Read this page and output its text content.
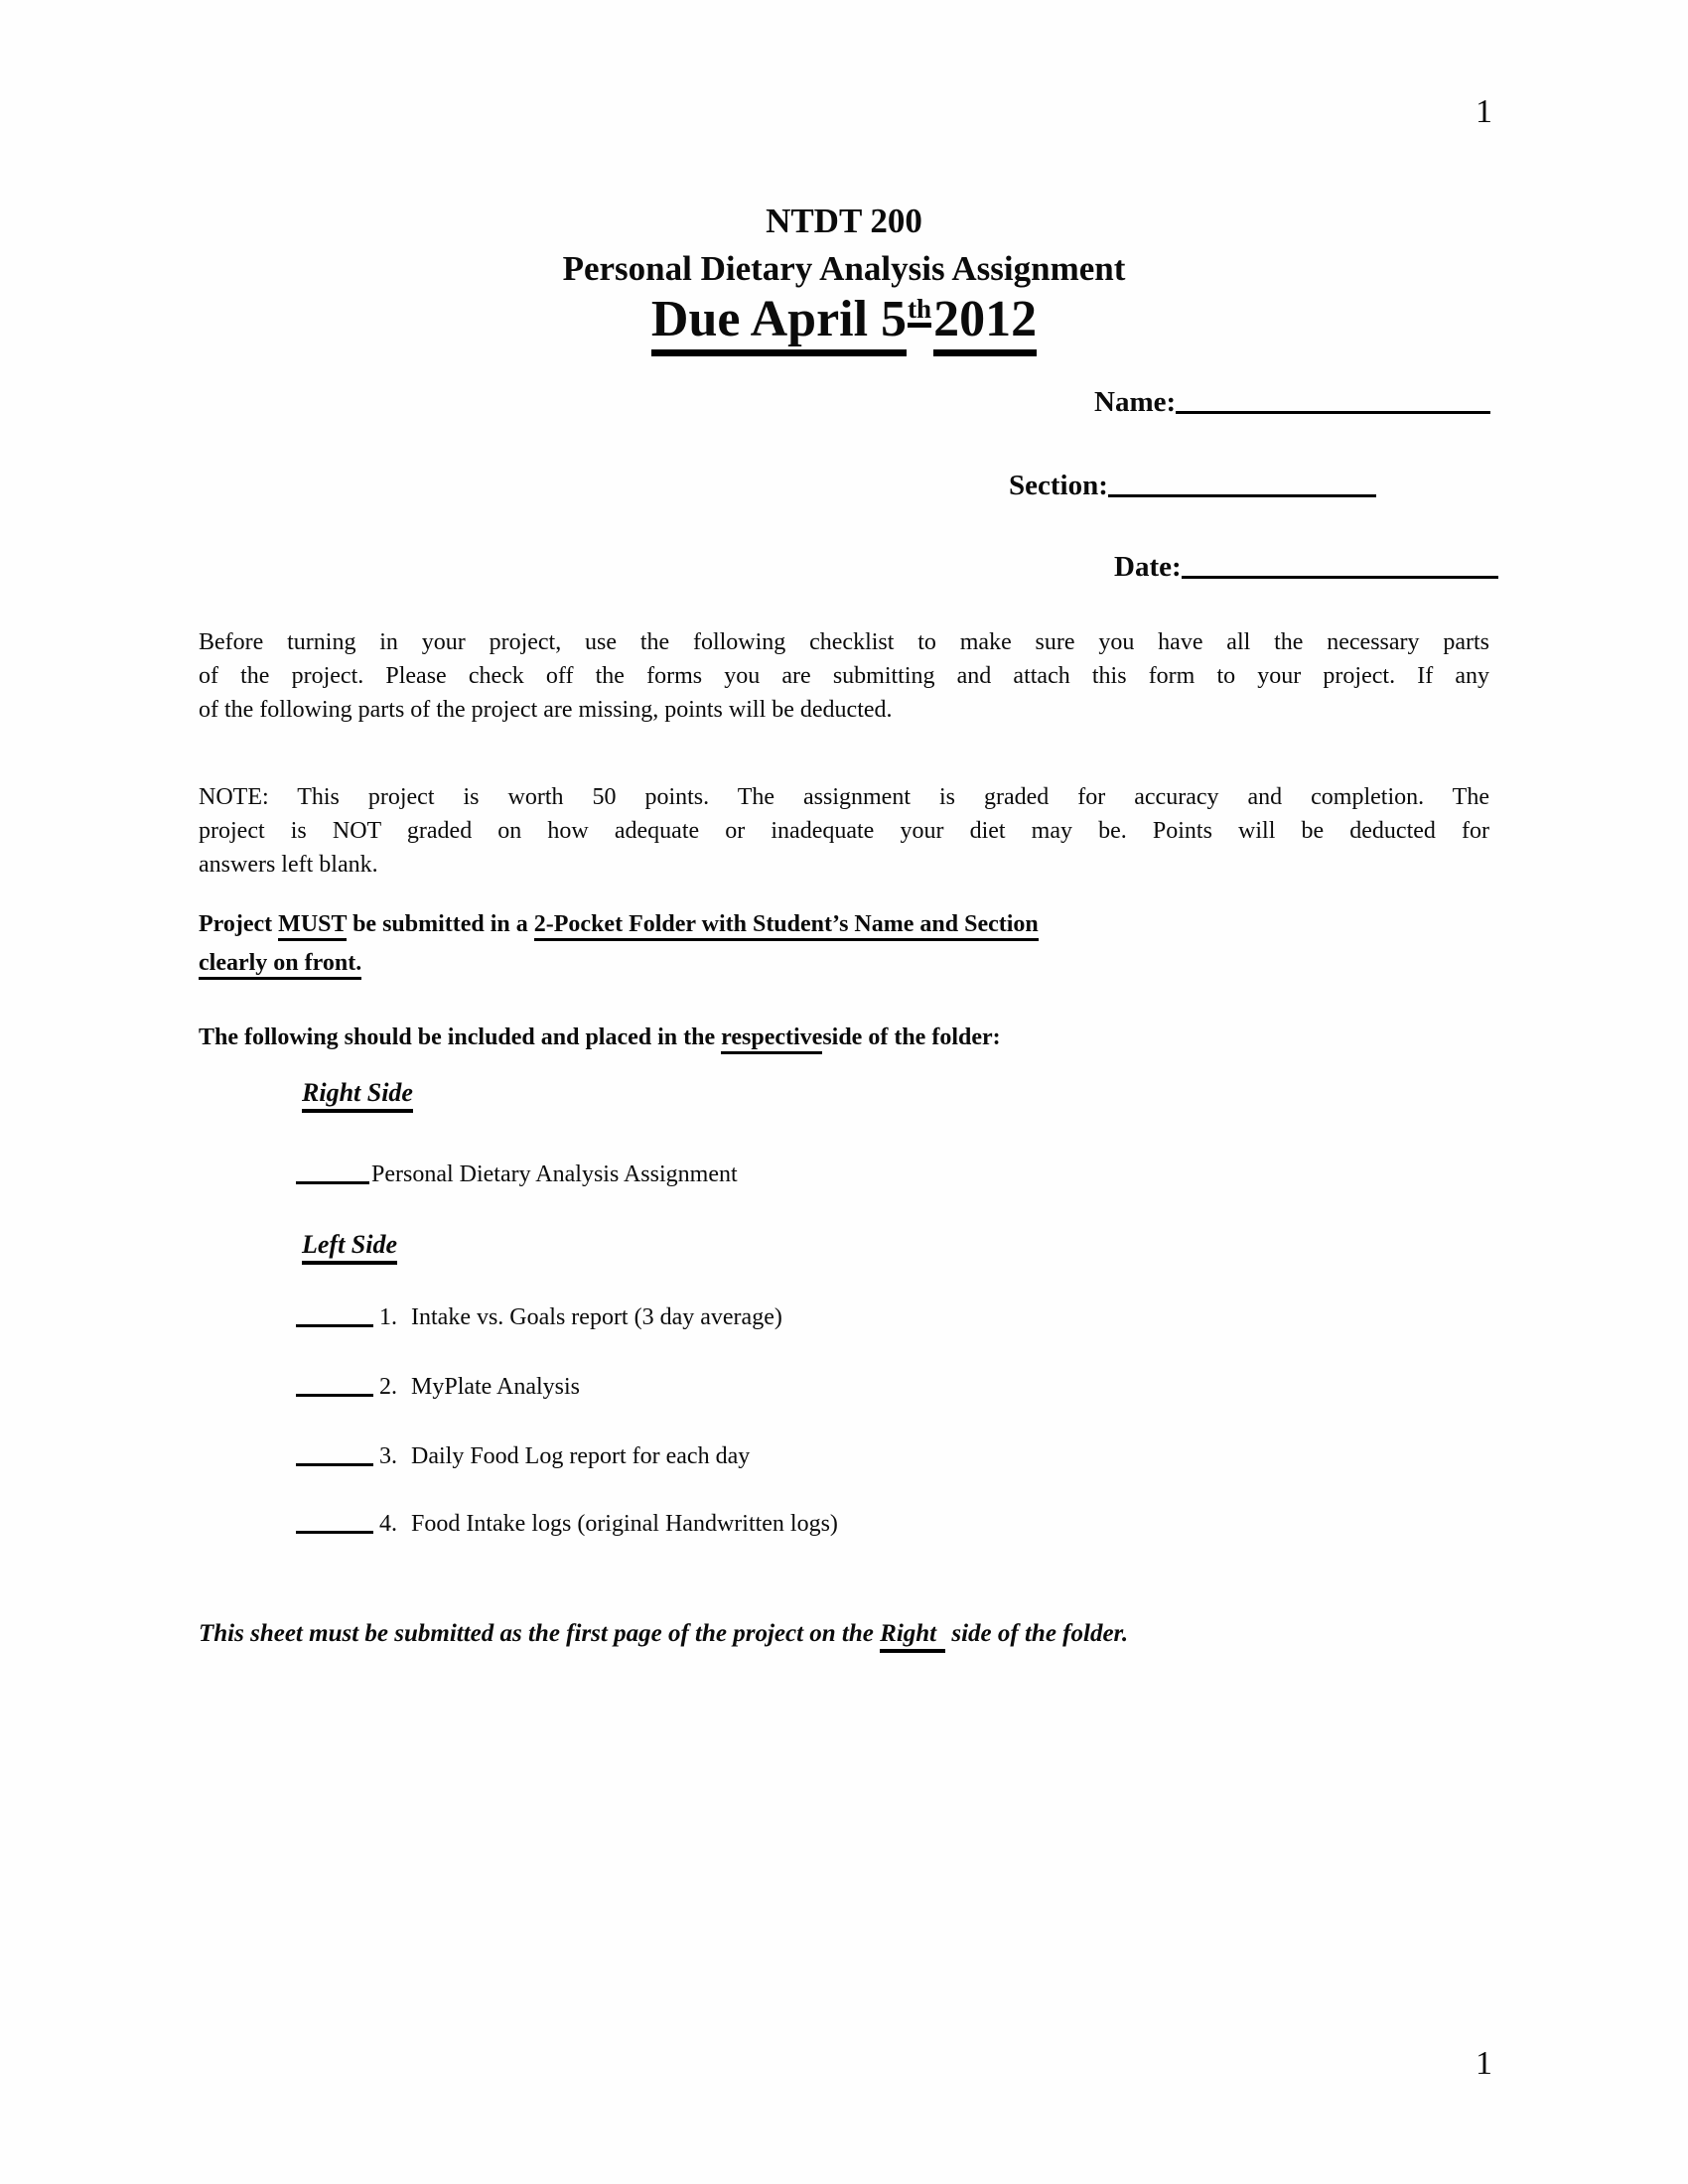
1
NTDT 200
Personal Dietary Analysis Assignment
Due April 5th2012
Name:
Section:
Date:
Before turning in your project, use the following checklist to make sure you have all the necessary parts
of the project. Please check off the forms you are submitting and attach this form to your project. If any
of the following parts of the project are missing, points will be deducted.
NOTE: This project is worth 50 points. The assignment is graded for accuracy and completion. The
project is NOT graded on how adequate or inadequate your diet may be. Points will be deducted for
answers left blank.
Project MUST be submitted in a 2-Pocket Folder with Student’s Name and Section
clearly on front.
The following should be included and placed in the respectiveside of the folder:
Right Side
Personal Dietary Analysis Assignment
Left Side
1. Intake vs. Goals report (3 day average)
2. MyPlate Analysis
3. Daily Food Log report for each day
4. Food Intake logs (original Handwritten logs)
This sheet must be submitted as the first page of the project on the Right side of the folder.
1
